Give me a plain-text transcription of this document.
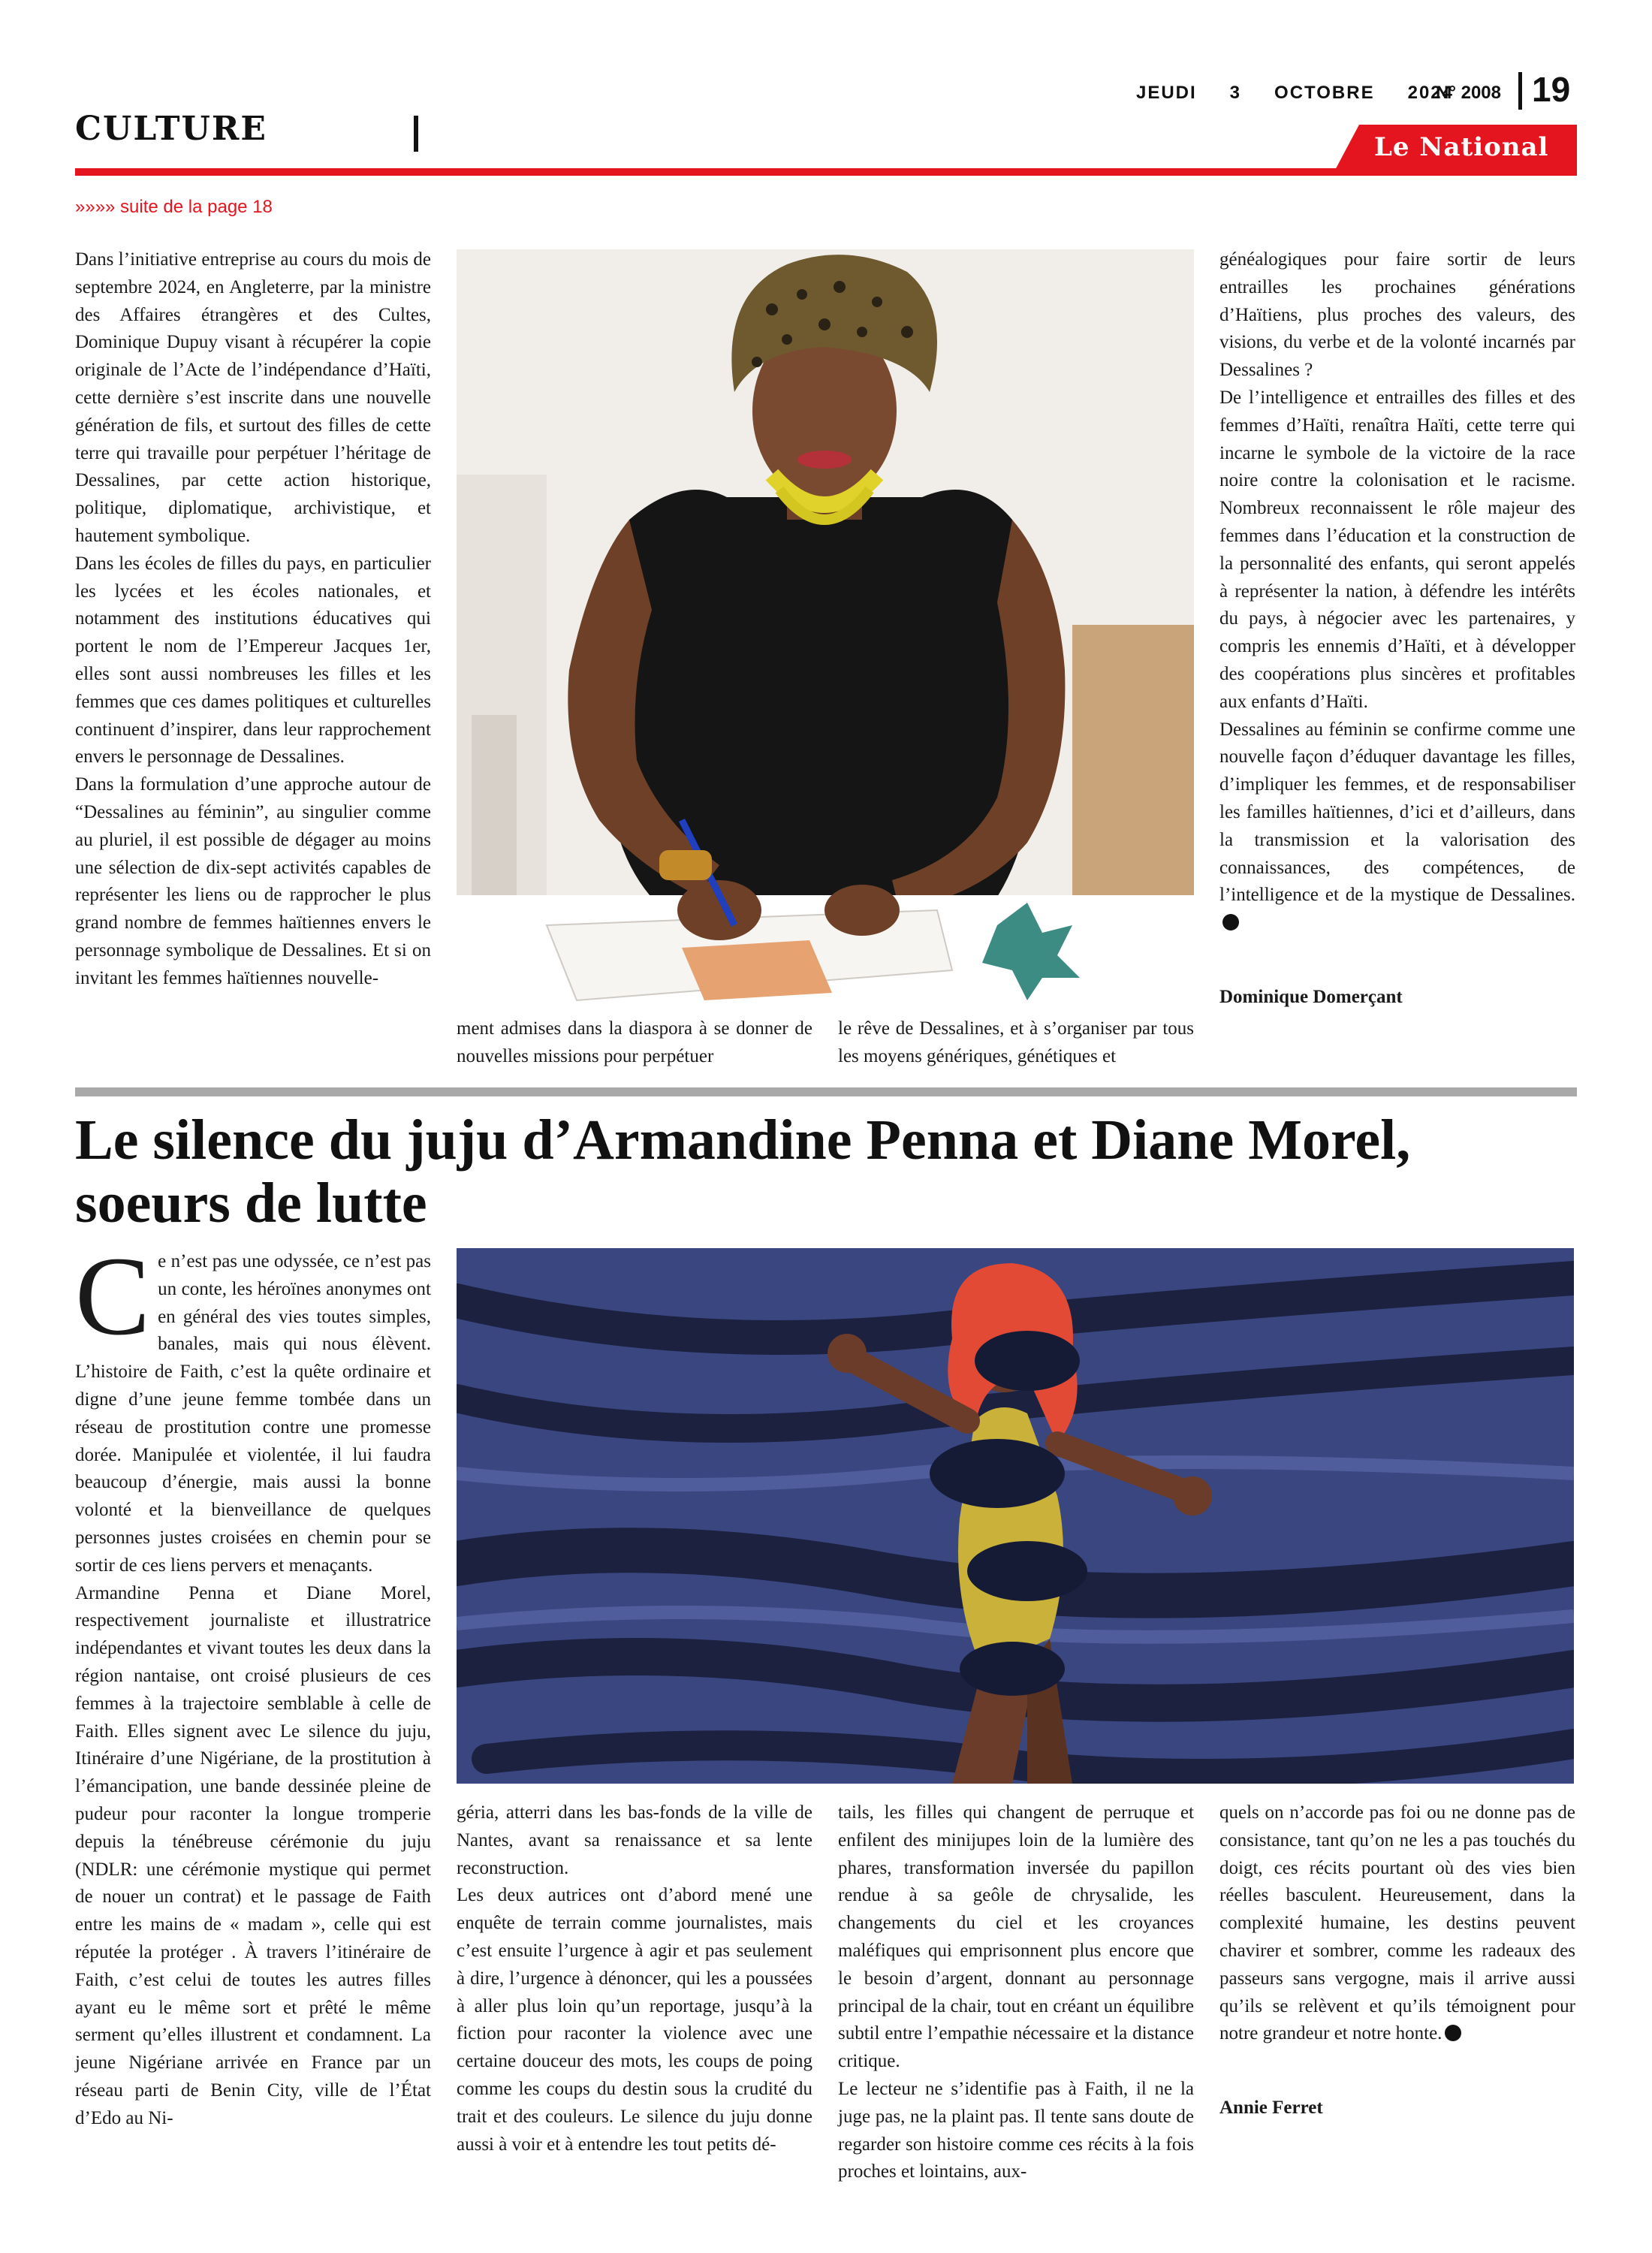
CULTURE
JEUDI   3   OCTOBRE   2024
N° 2008 19
Le National
»»»» suite de la page 18

Dans l’initiative entreprise au cours du mois de septembre 2024, en Angleterre, par la ministre des Affaires étrangères et des Cultes, Dominique Dupuy visant à récupérer la copie originale de l’Acte de l’indépendance d’Haïti, cette dernière s’est inscrite dans une nouvelle génération de fils, et surtout des filles de cette terre qui travaille pour perpétuer l’héritage de Dessalines, par cette action historique, politique, diplomatique, archivistique, et hautement symbolique.

Dans les écoles de filles du pays, en particulier les lycées et les écoles nationales, et notamment des institutions éducatives qui portent le nom de l’Empereur Jacques 1er, elles sont aussi nombreuses les filles et les femmes que ces dames politiques et culturelles continuent d’inspirer, dans leur rapprochement envers le personnage de Dessalines.

Dans la formulation d’une approche autour de “Dessalines au féminin”, au singulier comme au pluriel, il est possible de dégager au moins une sélection de dix-sept activités capables de représenter les liens ou de rapprocher le plus grand nombre de femmes haïtiennes envers le personnage symbolique de Dessalines. Et si on invitant les femmes haïtiennes nouvelle-

ment admises dans la diaspora à se donner de nouvelles missions pour perpétuer

le rêve de Dessalines, et à s’organiser par tous les moyens génériques, génétiques et

généalogiques pour faire sortir de leurs entrailles les prochaines générations d’Haïtiens, plus proches des valeurs, des visions, du verbe et de la volonté incarnés par Dessalines ?

De l’intelligence et entrailles des filles et des femmes d’Haïti, renaîtra Haïti, cette terre qui incarne le symbole de la victoire de la race noire contre la colonisation et le racisme. Nombreux reconnaissent le rôle majeur des femmes dans l’éducation et la construction de la personnalité des enfants, qui seront appelés à représenter la nation, à défendre les intérêts du pays, à négocier avec les partenaires, y compris les ennemis d’Haïti, et à développer des coopérations plus sincères et profitables aux enfants d’Haïti.

Dessalines au féminin se confirme comme une nouvelle façon d’éduquer davantage les filles, d’impliquer les femmes, et de responsabiliser les familles haïtiennes, d’ici et d’ailleurs, dans la transmission et la valorisation des connaissances, des compétences, de l’intelligence et de la mystique de Dessalines.

Dominique Domerçant
Le silence du juju d’Armandine Penna et Diane Morel,
soeurs de lutte

Ce n’est pas une odyssée, ce n’est pas un conte, les héroïnes anonymes ont en général des vies toutes simples, banales, mais qui nous élèvent. L’histoire de Faith, c’est la quête ordinaire et digne d’une jeune femme tombée dans un réseau de prostitution contre une promesse dorée. Manipulée et violentée, il lui faudra beaucoup d’énergie, mais aussi la bonne volonté et la bienveillance de quelques personnes justes croisées en chemin pour se sortir de ces liens pervers et menaçants.

Armandine Penna et Diane Morel, respectivement journaliste et illustratrice indépendantes et vivant toutes les deux dans la région nantaise, ont croisé plusieurs de ces femmes à la trajectoire semblable à celle de Faith. Elles signent avec Le silence du juju, Itinéraire d’une Nigériane, de la prostitution à l’émancipation, une bande dessinée pleine de pudeur pour raconter la longue tromperie depuis la ténébreuse cérémonie du juju (NDLR: une cérémonie mystique qui permet de nouer un contrat) et le passage de Faith entre les mains de « madam », celle qui est réputée la protéger . À travers l’itinéraire de Faith, c’est celui de toutes les autres filles ayant eu le même sort et prêté le même serment qu’elles illustrent et condamnent. La jeune Nigériane arrivée en France par un réseau parti de Benin City, ville de l’État d’Edo au Ni-

géria, atterri dans les bas-fonds de la ville de Nantes, avant sa renaissance et sa lente reconstruction.

Les deux autrices ont d’abord mené une enquête de terrain comme journalistes, mais c’est ensuite l’urgence à agir et pas seulement à dire, l’urgence à dénoncer, qui les a poussées à aller plus loin qu’un reportage, jusqu’à la fiction pour raconter la violence avec une certaine douceur des mots, les coups de poing comme les coups du destin sous la crudité du trait et des couleurs. Le silence du juju donne aussi à voir et à entendre les tout petits dé-

tails, les filles qui changent de perruque et enfilent des minijupes loin de la lumière des phares, transformation inversée du papillon rendue à sa geôle de chrysalide, les changements du ciel et les croyances maléfiques qui emprisonnent plus encore que le besoin d’argent, donnant au personnage principal de la chair, tout en créant un équilibre subtil entre l’empathie nécessaire et la distance critique.

Le lecteur ne s’identifie pas à Faith, il ne la juge pas, ne la plaint pas. Il tente sans doute de regarder son histoire comme ces récits à la fois proches et lointains, aux-

quels on n’accorde pas foi ou ne donne pas de consistance, tant qu’on ne les a pas touchés du doigt, ces récits pourtant où des vies bien réelles basculent. Heureusement, dans la complexité humaine, les destins peuvent chavirer et sombrer, comme les radeaux des passeurs sans vergogne, mais il arrive aussi qu’ils se relèvent et qu’ils témoignent pour notre grandeur et notre honte.

Annie Ferret
